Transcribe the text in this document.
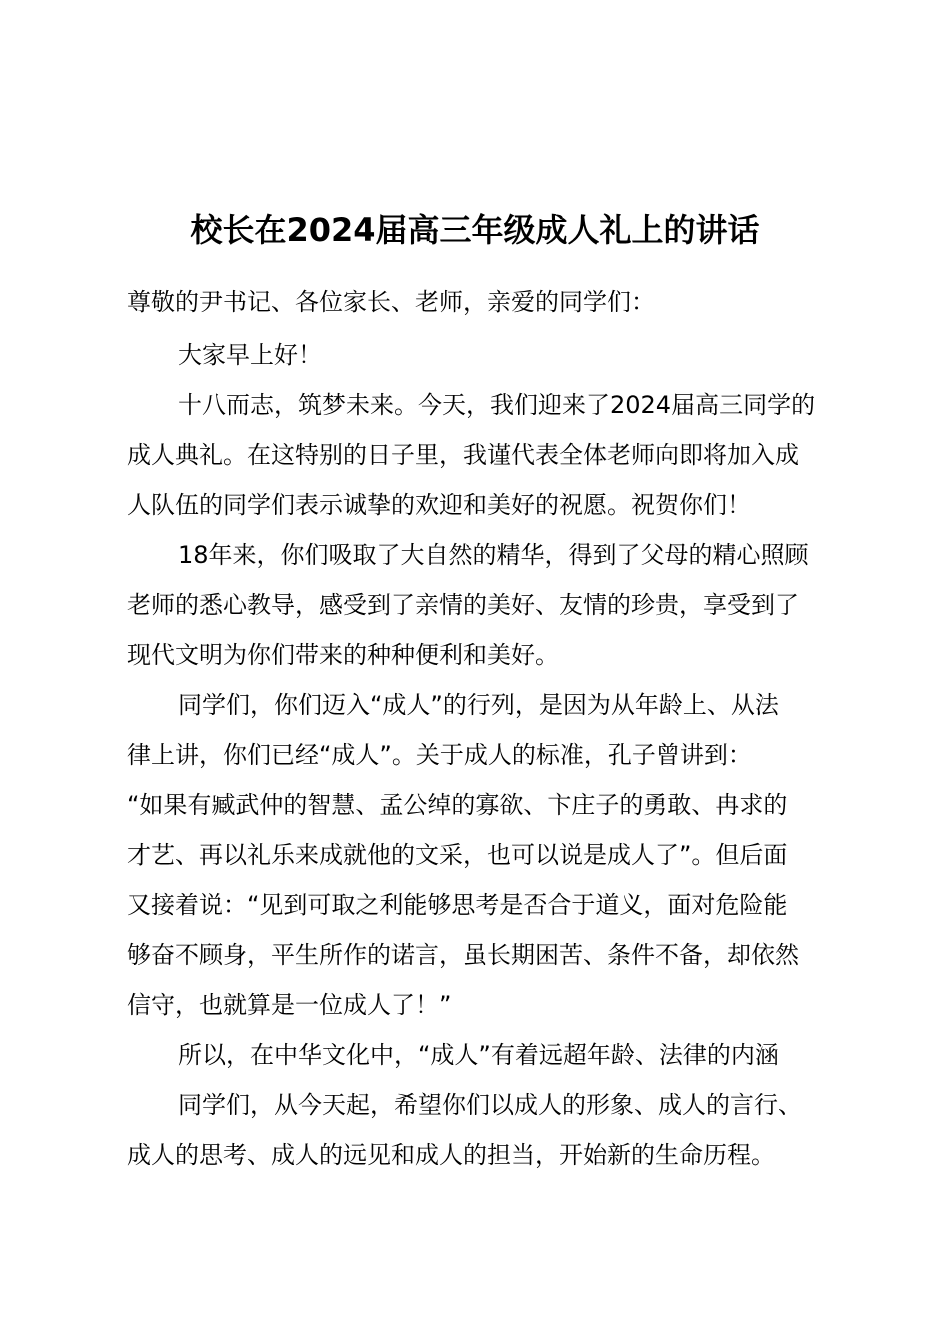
校长在2024届高三年级成人礼上的讲话
尊敬的尹书记、各位家长、老师，亲爱的同学们：
大家早上好！
十八而志，筑梦未来。今天，我们迎来了2024届高三同学的
成人典礼。在这特别的日子里，我谨代表全体老师向即将加入成
人队伍的同学们表示诚挚的欢迎和美好的祝愿。祝贺你们！
18年来，你们吸取了大自然的精华，得到了父母的精心照顾
老师的悉心教导，感受到了亲情的美好、友情的珍贵，享受到了
现代文明为你们带来的种种便利和美好。
同学们，你们迈入“成人”的行列，是因为从年龄上、从法
律上讲，你们已经“成人”。关于成人的标准，孔子曾讲到：
“如果有臧武仲的智慧、孟公绰的寡欲、卞庄子的勇敢、冉求的
才艺、再以礼乐来成就他的文采，也可以说是成人了”。但后面
又接着说：“见到可取之利能够思考是否合于道义，面对危险能
够奋不顾身，平生所作的诺言，虽长期困苦、条件不备，却依然
信守，也就算是一位成人了！”
所以，在中华文化中，“成人”有着远超年龄、法律的内涵
同学们，从今天起，希望你们以成人的形象、成人的言行、
成人的思考、成人的远见和成人的担当，开始新的生命历程。
